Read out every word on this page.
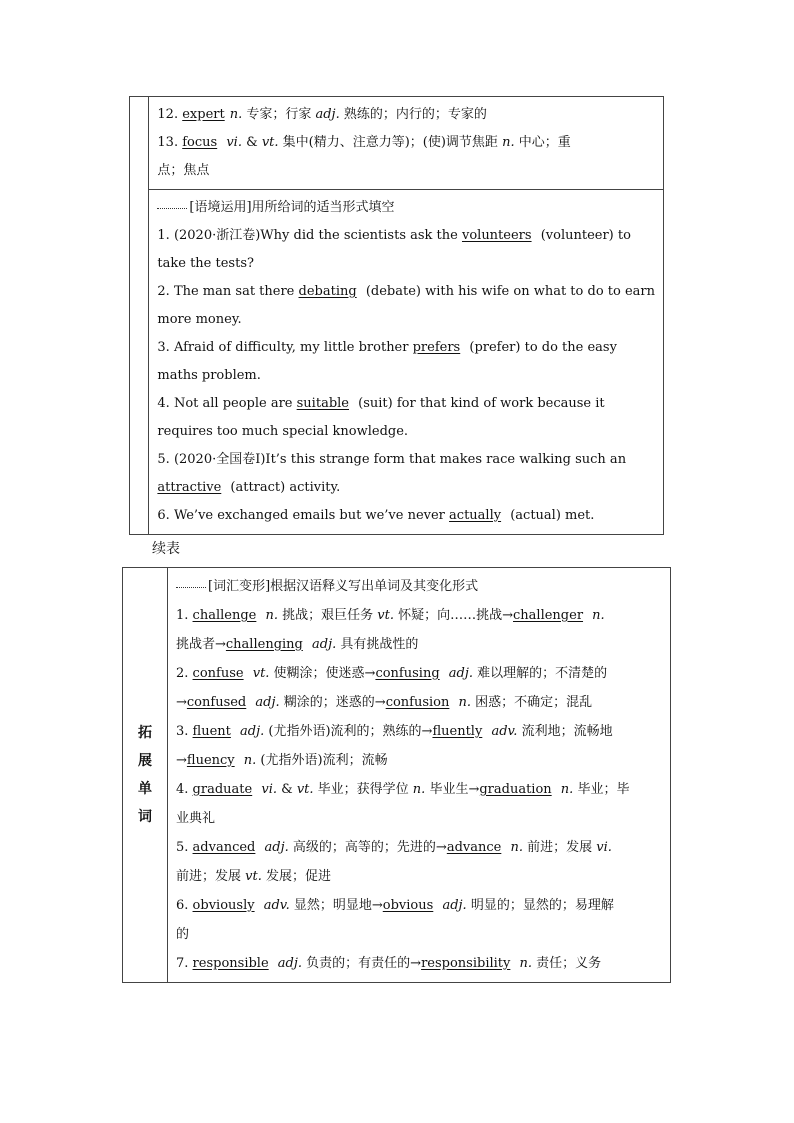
12. expert n. 专家；行家 adj. 熟练的；内行的；专家的
13. focus vi. & vt. 集中(精力、注意力等)；(使)调节焦距 n. 中心；重
点；焦点

[语境运用]用所给词的适当形式填空
1. (2020·浙江卷)Why did the scientists ask the volunteers (volunteer) to
take the tests?
2. The man sat there debating (debate) with his wife on what to do to earn
more money.
3. Afraid of difficulty, my little brother prefers (prefer) to do the easy
maths problem.
4. Not all people are suitable (suit) for that kind of work because it
requires too much special knowledge.
5. (2020·全国卷Ⅰ)It’s this strange form that makes race walking such an
attractive (attract) activity.
6. We’ve exchanged emails but we’ve never actually (actual) met.
续表
拓
展
单
词

[词汇变形]根据汉语释义写出单词及其变化形式
1. challenge n. 挑战；艰巨任务 vt. 怀疑；向……挑战→challenger n.
挑战者→challenging adj. 具有挑战性的
2. confuse vt. 使糊涂；使迷惑→confusing adj. 难以理解的；不清楚的
→confused adj. 糊涂的；迷惑的→confusion n. 困惑；不确定；混乱
3. fluent adj. (尤指外语)流利的；熟练的→fluently adv. 流利地；流畅地
→fluency n. (尤指外语)流利；流畅
4. graduate vi. & vt. 毕业；获得学位 n. 毕业生→graduation n. 毕业；毕
业典礼
5. advanced adj. 高级的；高等的；先进的→advance n. 前进；发展 vi.
前进；发展 vt. 发展；促进
6. obviously adv. 显然；明显地→obvious adj. 明显的；显然的；易理解
的
7. responsible adj. 负责的；有责任的→responsibility n. 责任；义务
